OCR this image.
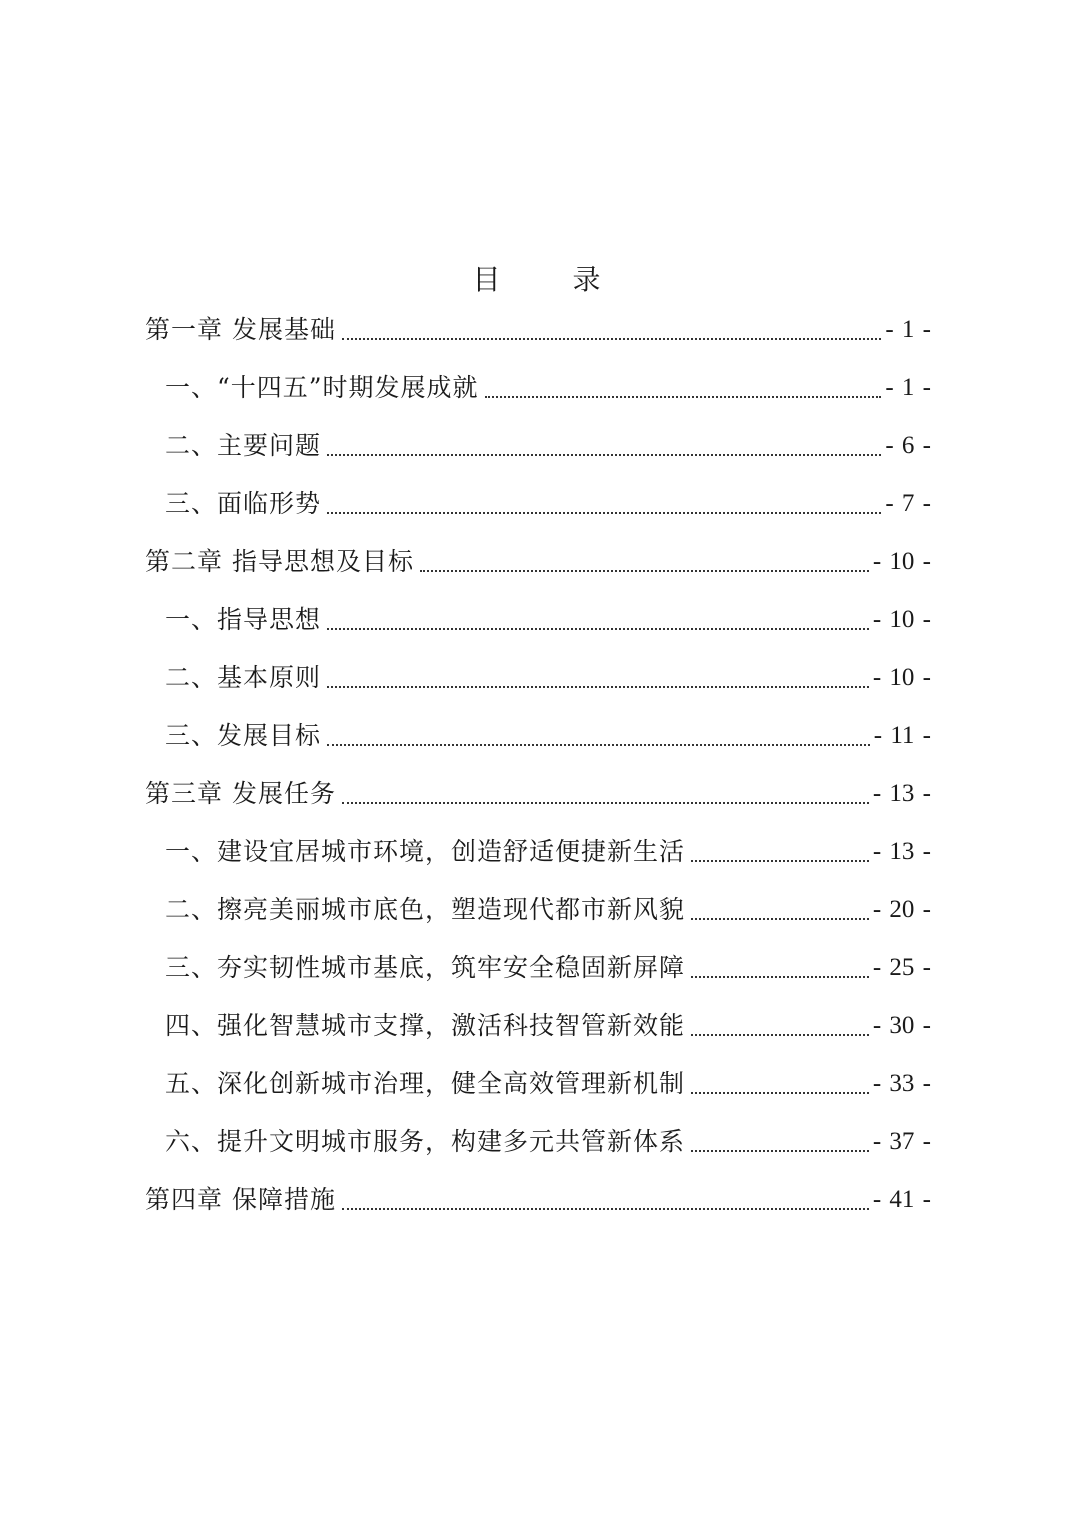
目　录
第一章 发展基础	- 1 -
一、“十四五”时期发展成就	- 1 -
二、主要问题	- 6 -
三、面临形势	- 7 -
第二章 指导思想及目标	- 10 -
一、指导思想	- 10 -
二、基本原则	- 10 -
三、发展目标	- 11 -
第三章 发展任务	- 13 -
一、建设宜居城市环境，创造舒适便捷新生活	- 13 -
二、擦亮美丽城市底色，塑造现代都市新风貌	- 20 -
三、夯实韧性城市基底，筑牢安全稳固新屏障	- 25 -
四、强化智慧城市支撑，激活科技智管新效能	- 30 -
五、深化创新城市治理，健全高效管理新机制	- 33 -
六、提升文明城市服务，构建多元共管新体系	- 37 -
第四章 保障措施	- 41 -
